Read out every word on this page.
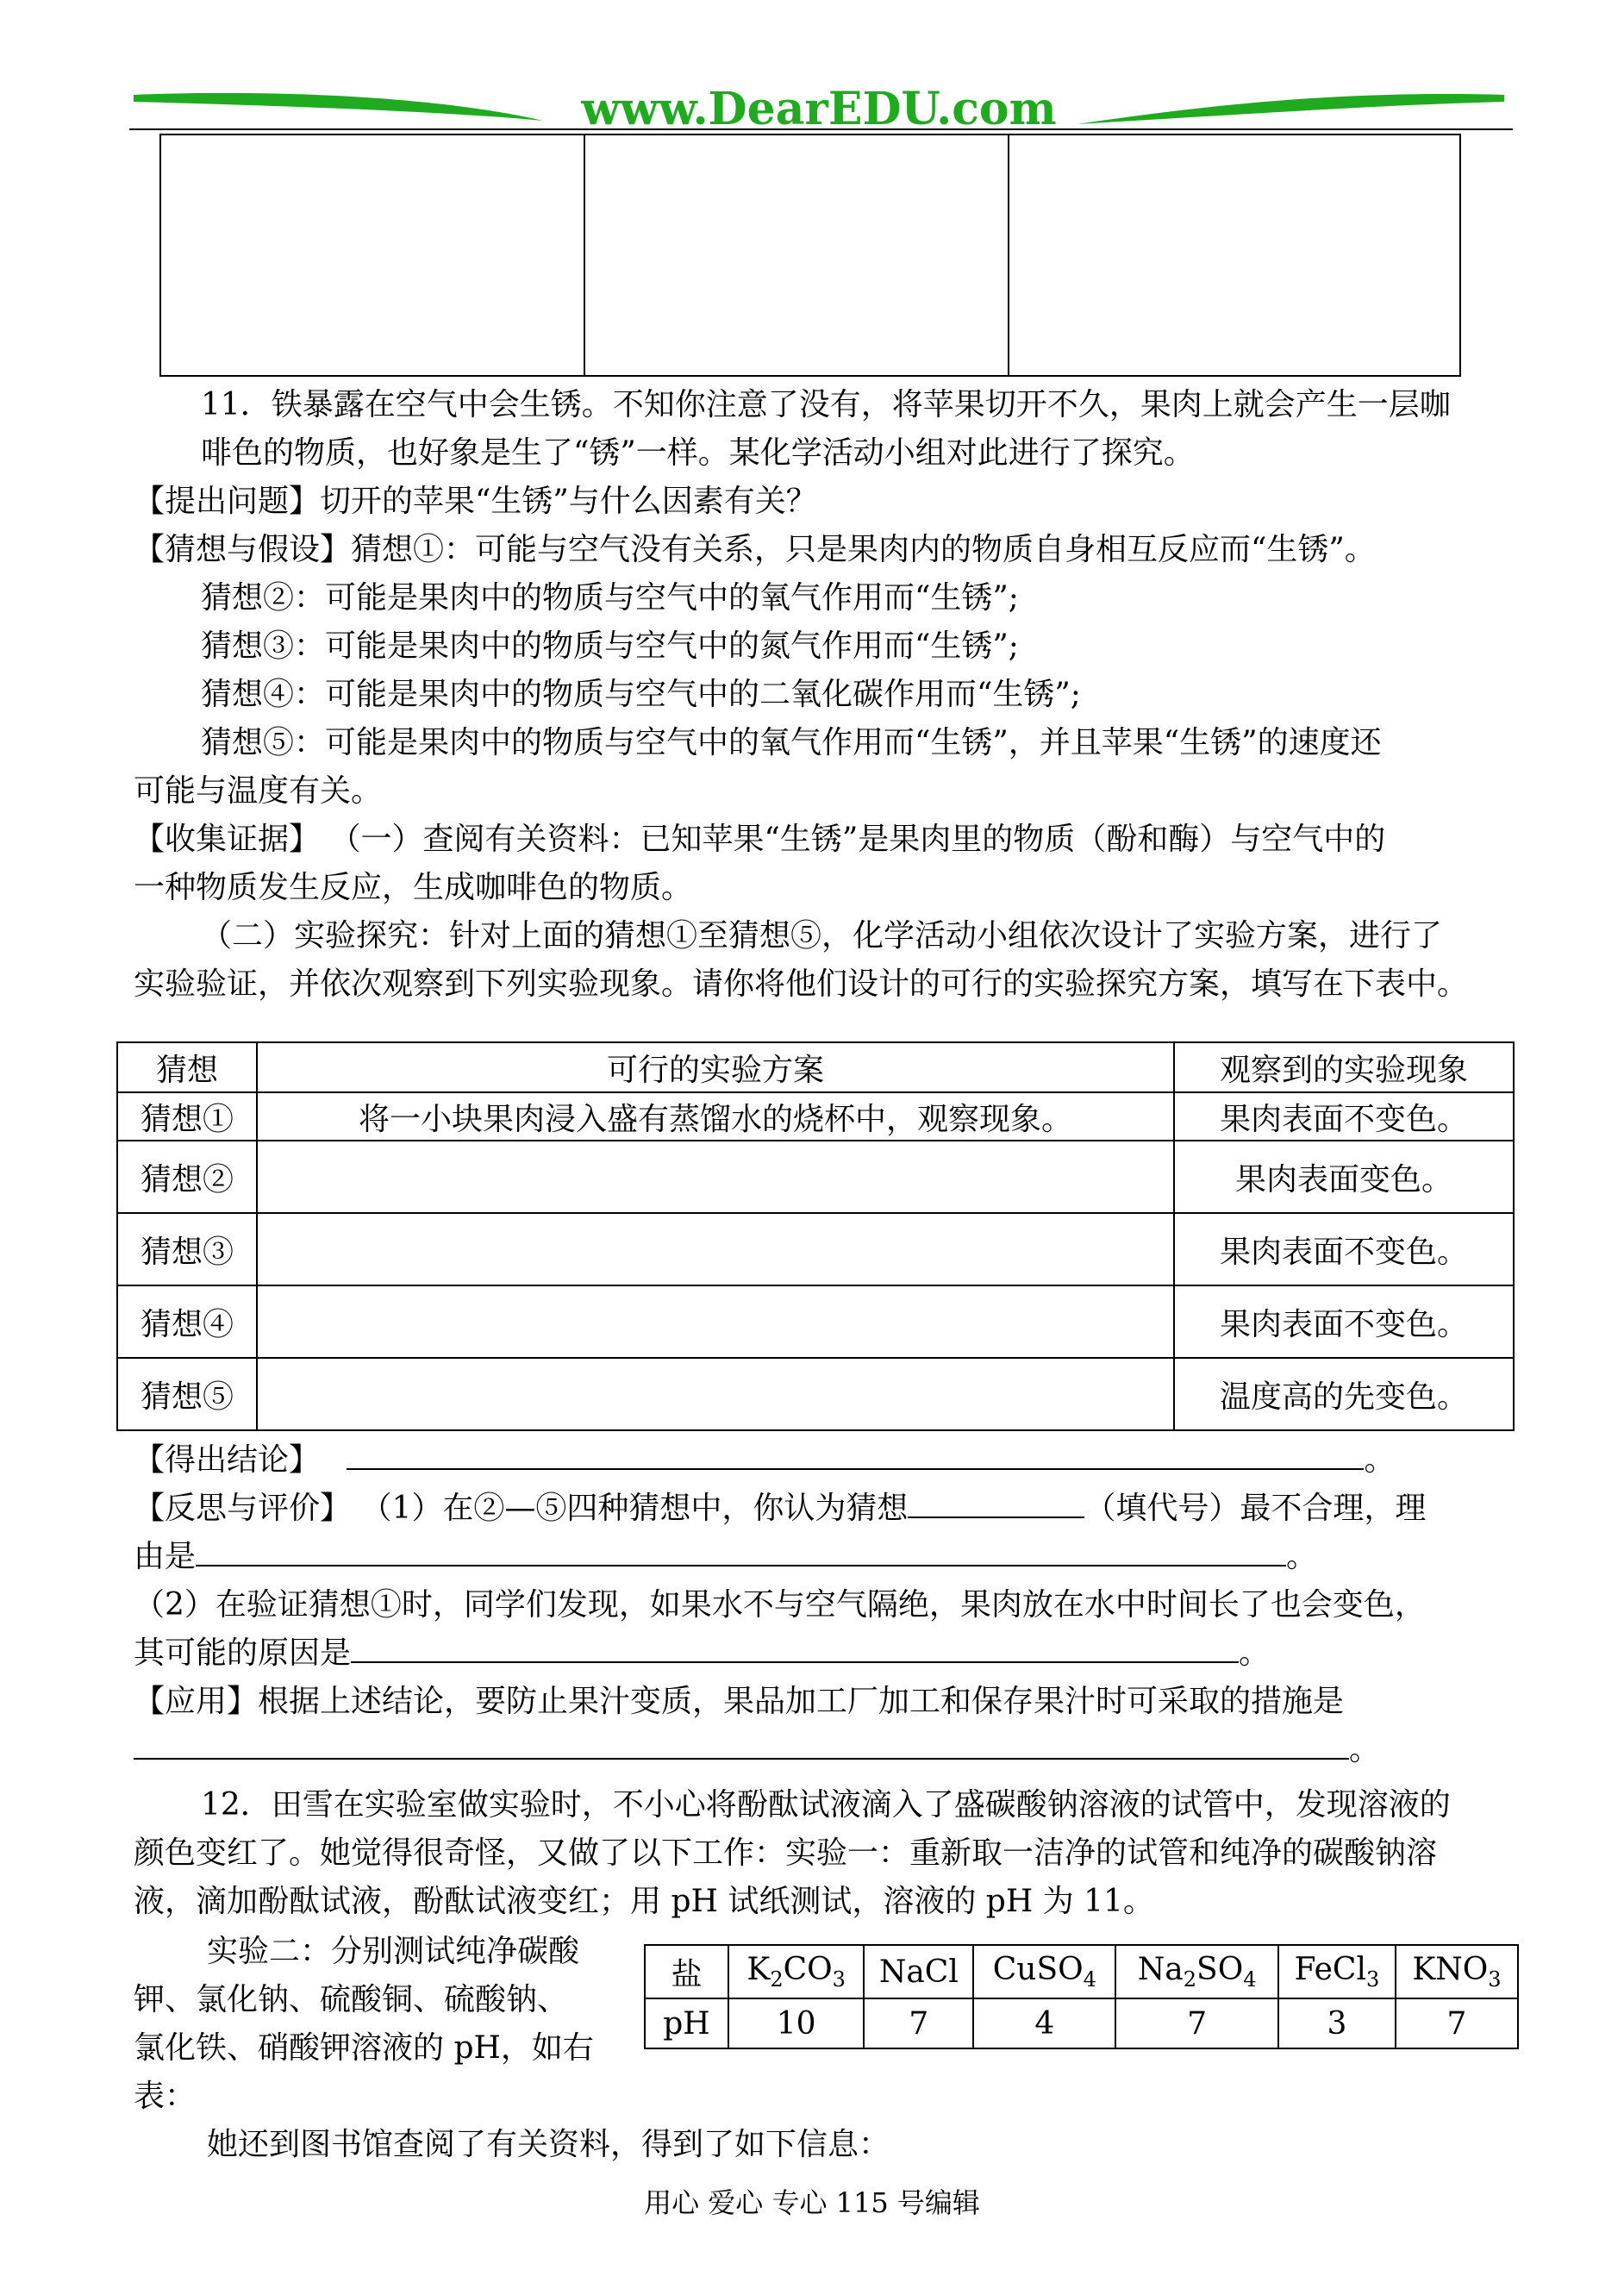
www.DearEDU.com

11．铁暴露在空气中会生锈。不知你注意了没有，将苹果切开不久，果肉上就会产生一层咖
啡色的物质，也好象是生了“锈”一样。某化学活动小组对此进行了探究。
【提出问题】切开的苹果“生锈”与什么因素有关？
【猜想与假设】猜想①：可能与空气没有关系，只是果肉内的物质自身相互反应而“生锈”。
猜想②：可能是果肉中的物质与空气中的氧气作用而“生锈”;
猜想③：可能是果肉中的物质与空气中的氮气作用而“生锈”;
猜想④：可能是果肉中的物质与空气中的二氧化碳作用而“生锈”;
猜想⑤：可能是果肉中的物质与空气中的氧气作用而“生锈”，并且苹果“生锈”的速度还
可能与温度有关。
【收集证据】 （一）查阅有关资料：已知苹果“生锈”是果肉里的物质（酚和酶）与空气中的
一种物质发生反应，生成咖啡色的物质。
（二）实验探究：针对上面的猜想①至猜想⑤，化学活动小组依次设计了实验方案，进行了
实验验证，并依次观察到下列实验现象。请你将他们设计的可行的实验探究方案，填写在下表中。
猜想	可行的实验方案	观察到的实验现象
猜想①	将一小块果肉浸入盛有蒸馏水的烧杯中，观察现象。	果肉表面不变色。
猜想②		果肉表面变色。
猜想③		果肉表面不变色。
猜想④		果肉表面不变色。
猜想⑤		温度高的先变色。
【得出结论】	。
【反思与评价】 （1）在②—⑤四种猜想中，你认为猜想	（填代号）最不合理，理
由是	。
（2）在验证猜想①时，同学们发现，如果水不与空气隔绝，果肉放在水中时间长了也会变色，
其可能的原因是	。
【应用】根据上述结论，要防止果汁变质，果品加工厂加工和保存果汁时可采取的措施是
。
12．田雪在实验室做实验时，不小心将酚酞试液滴入了盛碳酸钠溶液的试管中，发现溶液的
颜色变红了。她觉得很奇怪，又做了以下工作：实验一：重新取一洁净的试管和纯净的碳酸钠溶
液，滴加酚酞试液，酚酞试液变红；用 pH 试纸测试，溶液的 pH 为 11。
实验二：分别测试纯净碳酸
钾、氯化钠、硫酸铜、硫酸钠、
氯化铁、硝酸钾溶液的 pH，如右
表：
盐	$K_2CO_3$	NaCl	CuSO$_4$	$Na_2SO_4$	FeCl$_3$	$KNO_3$
pH	10	7	4	7	3	7
她还到图书馆查阅了有关资料，得到了如下信息：
用心 爱心 专心 115 号编辑
